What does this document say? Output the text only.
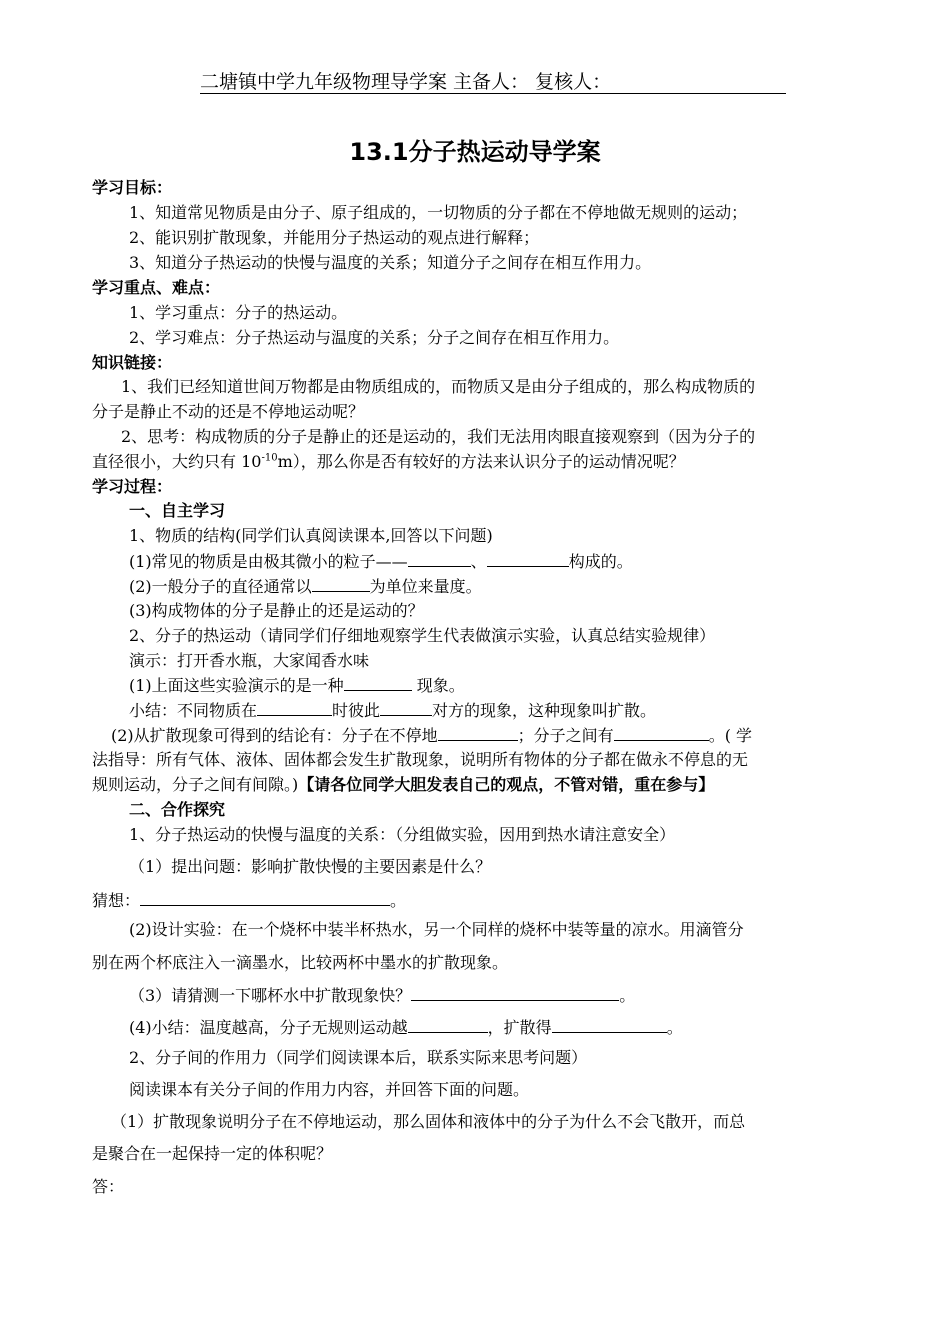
二塘镇中学九年级物理导学案 主备人： 复核人：
13.1分子热运动导学案
学习目标：
1、知道常见物质是由分子、原子组成的，一切物质的分子都在不停地做无规则的运动；
2、能识别扩散现象，并能用分子热运动的观点进行解释；
3、知道分子热运动的快慢与温度的关系；知道分子之间存在相互作用力。
学习重点、难点：
1、学习重点：分子的热运动。
2、学习难点：分子热运动与温度的关系；分子之间存在相互作用力。
知识链接：
1、我们已经知道世间万物都是由物质组成的，而物质又是由分子组成的，那么构成物质的
分子是静止不动的还是不停地运动呢？
2、思考：构成物质的分子是静止的还是运动的，我们无法用肉眼直接观察到（因为分子的
直径很小，大约只有 $10^{-10}m$），那么你是否有较好的方法来认识分子的运动情况呢？
学习过程：
一、自主学习
1、物质的结构(同学们认真阅读课本,回答以下问题)
(1)常见的物质是由极其微小的粒子——	、	构成的。
(2)一般分子的直径通常以	为单位来量度。
(3)构成物体的分子是静止的还是运动的？
2、分子的热运动（请同学们仔细地观察学生代表做演示实验，认真总结实验规律）
演示：打开香水瓶，大家闻香水味
(1)上面这些实验演示的是一种	现象。
小结：不同物质在	时彼此	对方的现象，这种现象叫扩散。
(2)从扩散现象可得到的结论有：分子在不停地	；分子之间有	。( 学
法指导：所有气体、液体、固体都会发生扩散现象，说明所有物体的分子都在做永不停息的无
规则运动，分子之间有间隙。)【请各位同学大胆发表自己的观点，不管对错，重在参与】
二、合作探究
1、分子热运动的快慢与温度的关系：（分组做实验，因用到热水请注意安全）
（1）提出问题：影响扩散快慢的主要因素是什么？
猜想：	。
(2)设计实验：在一个烧杯中装半杯热水，另一个同样的烧杯中装等量的凉水。用滴管分
别在两个杯底注入一滴墨水，比较两杯中墨水的扩散现象。
（3）请猜测一下哪杯水中扩散现象快？	。
(4)小结：温度越高，分子无规则运动越	，扩散得	。
2、分子间的作用力（同学们阅读课本后，联系实际来思考问题）
阅读课本有关分子间的作用力内容，并回答下面的问题。
（1）扩散现象说明分子在不停地运动，那么固体和液体中的分子为什么不会飞散开，而总
是聚合在一起保持一定的体积呢？
答：
